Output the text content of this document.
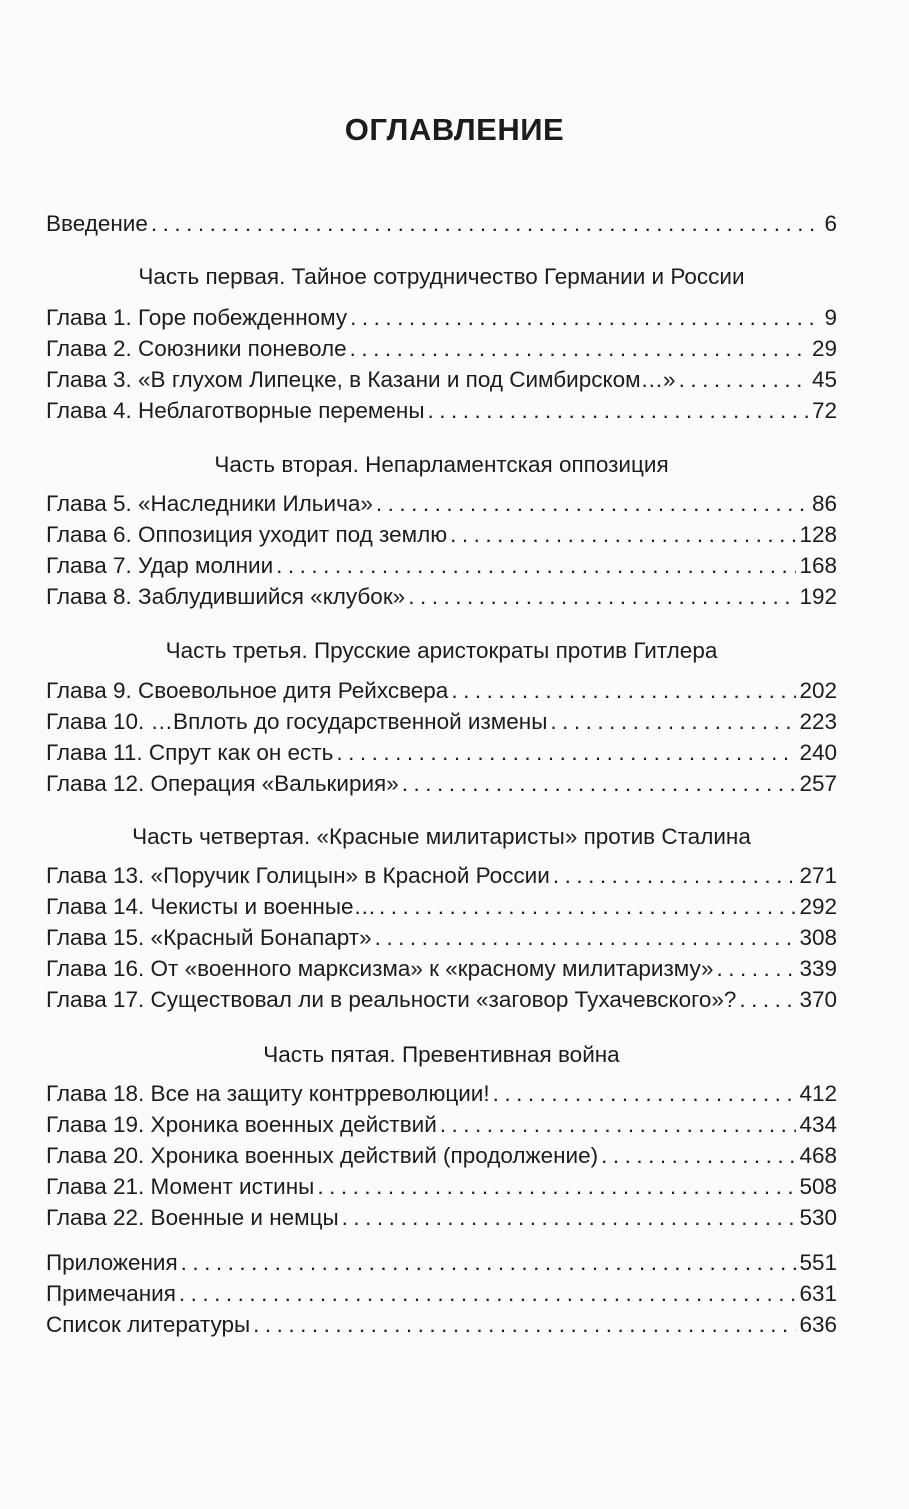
ОГЛАВЛЕНИЕ
Введение .....	6
Часть первая. Тайное сотрудничество Германии и России
Глава 1. Горе побежденному .....	9
Глава 2. Союзники поневоле .....	29
Глава 3. «В глухом Липецке, в Казани и под Симбирском…» .....	45
Глава 4. Неблаготворные перемены .....	72
Часть вторая. Непарламентская оппозиция
Глава 5. «Наследники Ильича» .....	86
Глава 6. Оппозиция уходит под землю .....	128
Глава 7. Удар молнии .....	168
Глава 8. Заблудившийся «клубок» .....	192
Часть третья. Прусские аристократы против Гитлера
Глава 9. Своевольное дитя Рейхсвера .....	202
Глава 10. …Вплоть до государственной измены .....	223
Глава 11. Спрут как он есть .....	240
Глава 12. Операция «Валькирия» .....	257
Часть четвертая. «Красные милитаристы» против Сталина
Глава 13. «Поручик Голицын» в Красной России .....	271
Глава 14. Чекисты и военные… .....	292
Глава 15. «Красный Бонапарт» .....	308
Глава 16. От «военного марксизма» к «красному милитаризму» .....	339
Глава 17. Существовал ли в реальности «заговор Тухачевского»? .....	370
Часть пятая. Превентивная война
Глава 18. Все на защиту контрреволюции! .....	412
Глава 19. Хроника военных действий .....	434
Глава 20. Хроника военных действий (продолжение) .....	468
Глава 21. Момент истины .....	508
Глава 22. Военные и немцы .....	530
Приложения .....	551
Примечания .....	631
Список литературы .....	636
